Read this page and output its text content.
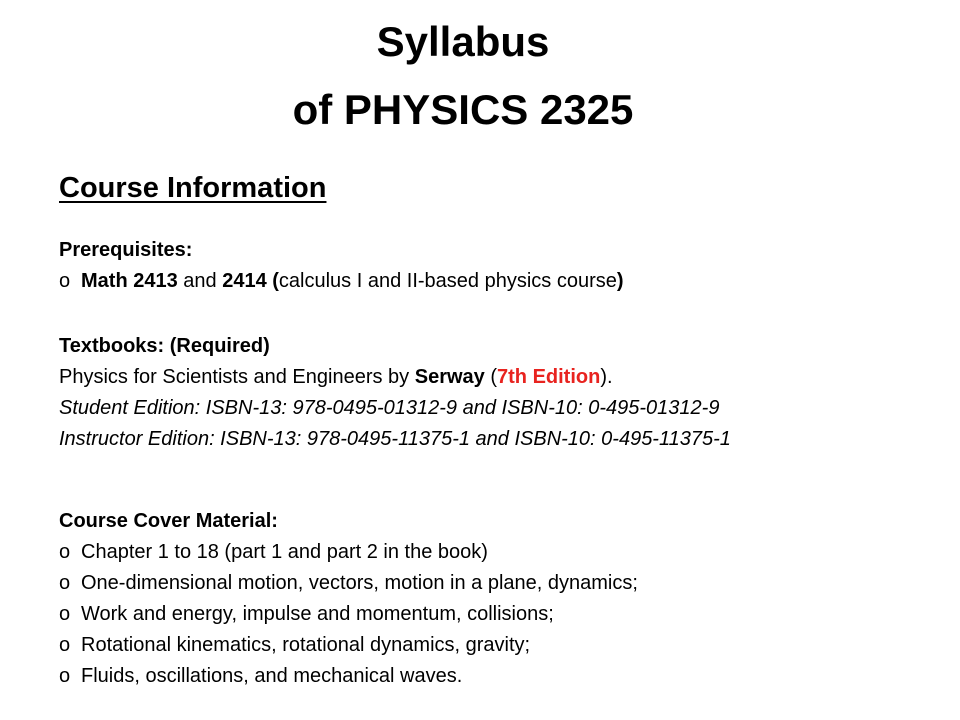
Syllabus
of PHYSICS 2325
Course Information
Prerequisites:
o Math 2413 and 2414 (calculus I and II-based physics course)
Textbooks: (Required)
Physics for Scientists and Engineers by Serway (7th Edition).
Student Edition: ISBN-13: 978-0495-01312-9 and ISBN-10: 0-495-01312-9
Instructor Edition: ISBN-13: 978-0495-11375-1 and ISBN-10: 0-495-11375-1
Course Cover Material:
o Chapter 1 to 18 (part 1 and part 2 in the book)
o One-dimensional motion, vectors, motion in a plane, dynamics;
o Work and energy, impulse and momentum, collisions;
o Rotational kinematics, rotational dynamics, gravity;
o Fluids, oscillations, and mechanical waves.
